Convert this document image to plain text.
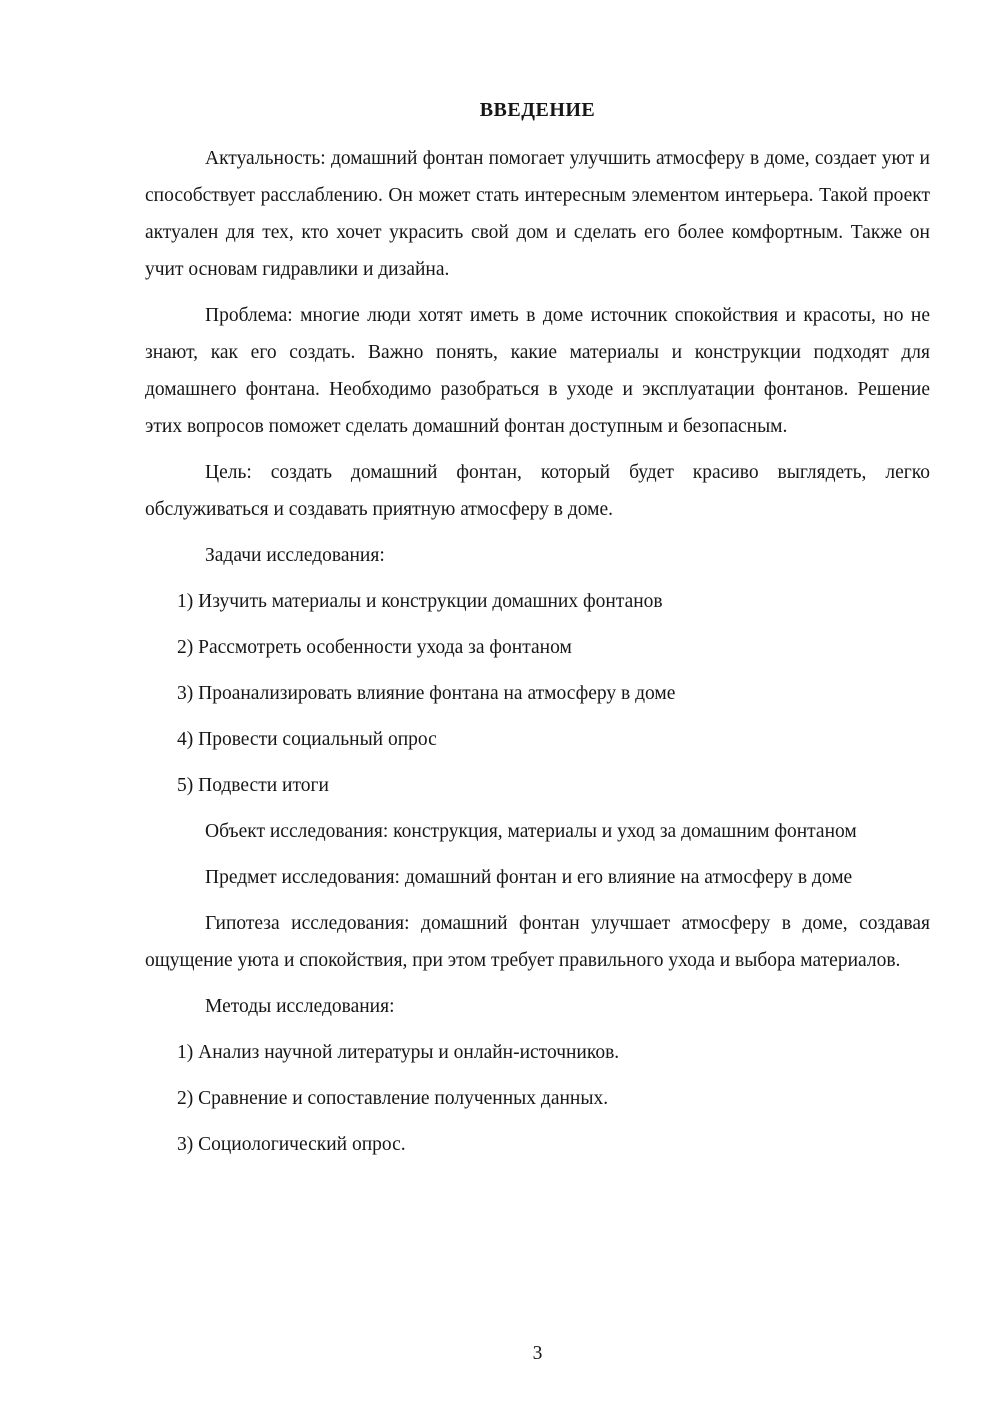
ВВЕДЕНИЕ

Актуальность: домашний фонтан помогает улучшить атмосферу в доме, создает уют и способствует расслаблению. Он может стать интересным элементом интерьера. Такой проект актуален для тех, кто хочет украсить свой дом и сделать его более комфортным. Также он учит основам гидравлики и дизайна.

Проблема: многие люди хотят иметь в доме источник спокойствия и красоты, но не знают, как его создать. Важно понять, какие материалы и конструкции подходят для домашнего фонтана. Необходимо разобраться в уходе и эксплуатации фонтанов. Решение этих вопросов поможет сделать домашний фонтан доступным и безопасным.

Цель: создать домашний фонтан, который будет красиво выглядеть, легко обслуживаться и создавать приятную атмосферу в доме.

Задачи исследования:

1) Изучить материалы и конструкции домашних фонтанов

2) Рассмотреть особенности ухода за фонтаном

3) Проанализировать влияние фонтана на атмосферу в доме

4) Провести социальный опрос

5) Подвести итоги

Объект исследования: конструкция, материалы и уход за домашним фонтаном

Предмет исследования: домашний фонтан и его влияние на атмосферу в доме

Гипотеза исследования: домашний фонтан улучшает атмосферу в доме, создавая ощущение уюта и спокойствия, при этом требует правильного ухода и выбора материалов.

Методы исследования:

1) Анализ научной литературы и онлайн-источников.

2) Сравнение и сопоставление полученных данных.

3) Социологический опрос.

3
